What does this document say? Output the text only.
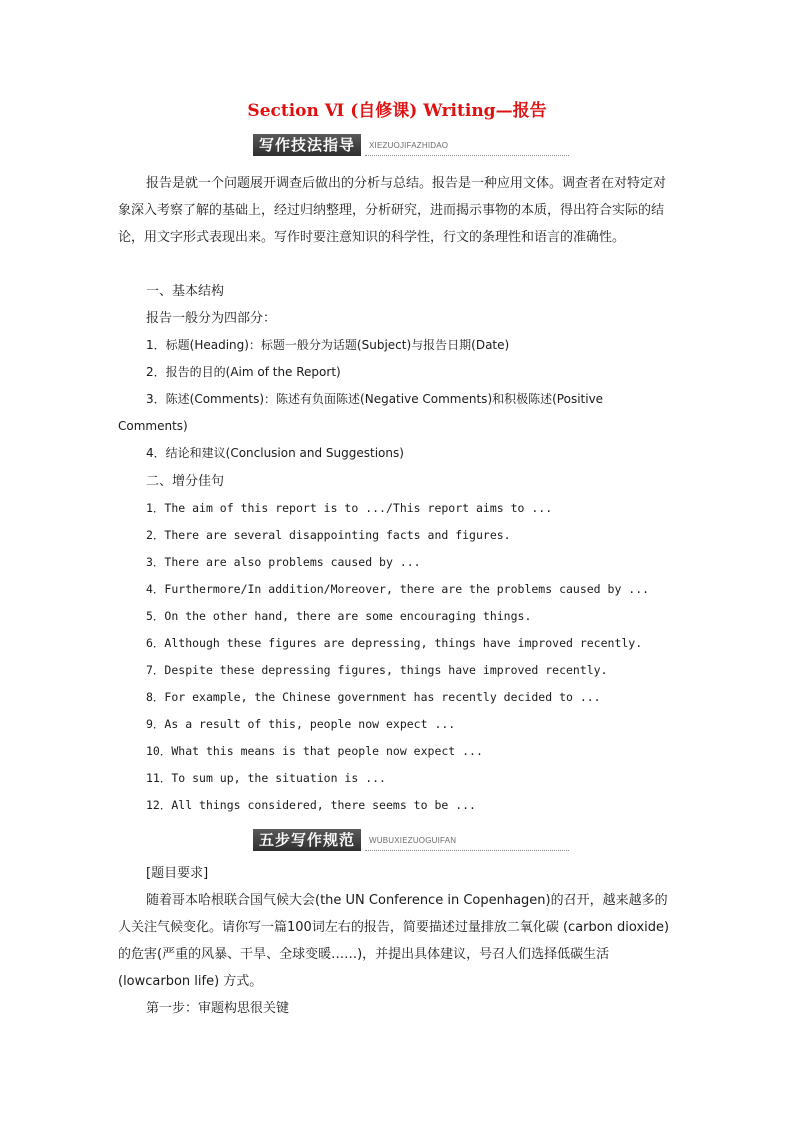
Section Ⅵ (自修课) Writing—报告
写作技法指导	XIEZUOJIFAZHIDAO

报告是就一个问题展开调查后做出的分析与总结。报告是一种应用文体。调查者在对特定对象深入考察了解的基础上，经过归纳整理，分析研究，进而揭示事物的本质，得出符合实际的结论，用文字形式表现出来。写作时要注意知识的科学性，行文的条理性和语言的准确性。

一、基本结构

报告一般分为四部分：

1．标题(Heading)：标题一般分为话题(Subject)与报告日期(Date)

2．报告的目的(Aim of the Report)

3．陈述(Comments)：陈述有负面陈述(Negative Comments)和积极陈述(Positive

Comments)

4．结论和建议(Conclusion and Suggestions)

二、增分佳句

1．The aim of this report is to .../This report aims to ...

2．There are several disappointing facts and figures.

3．There are also problems caused by ...

4．Furthermore/In addition/Moreover, there are the problems caused by ...

5．On the other hand, there are some encouraging things.

6．Although these figures are depressing, things have improved recently.

7．Despite these depressing figures, things have improved recently.

8．For example, the Chinese government has recently decided to ...

9．As a result of this, people now expect ...

10．What this means is that people now expect ...

11．To sum up, the situation is ...

12．All things considered, there seems to be ...

五步写作规范	WUBUXIEZUOGUIFAN

[题目要求]

随着哥本哈根联合国气候大会(the UN Conference in Copenhagen)的召开，越来越多的人关注气候变化。请你写一篇100词左右的报告，简要描述过量排放二氧化碳 (carbon dioxide)的危害(严重的风暴、干旱、全球变暖……)，并提出具体建议，号召人们选择低碳生活 (lowcarbon life) 方式。

第一步：审题构思很关键
